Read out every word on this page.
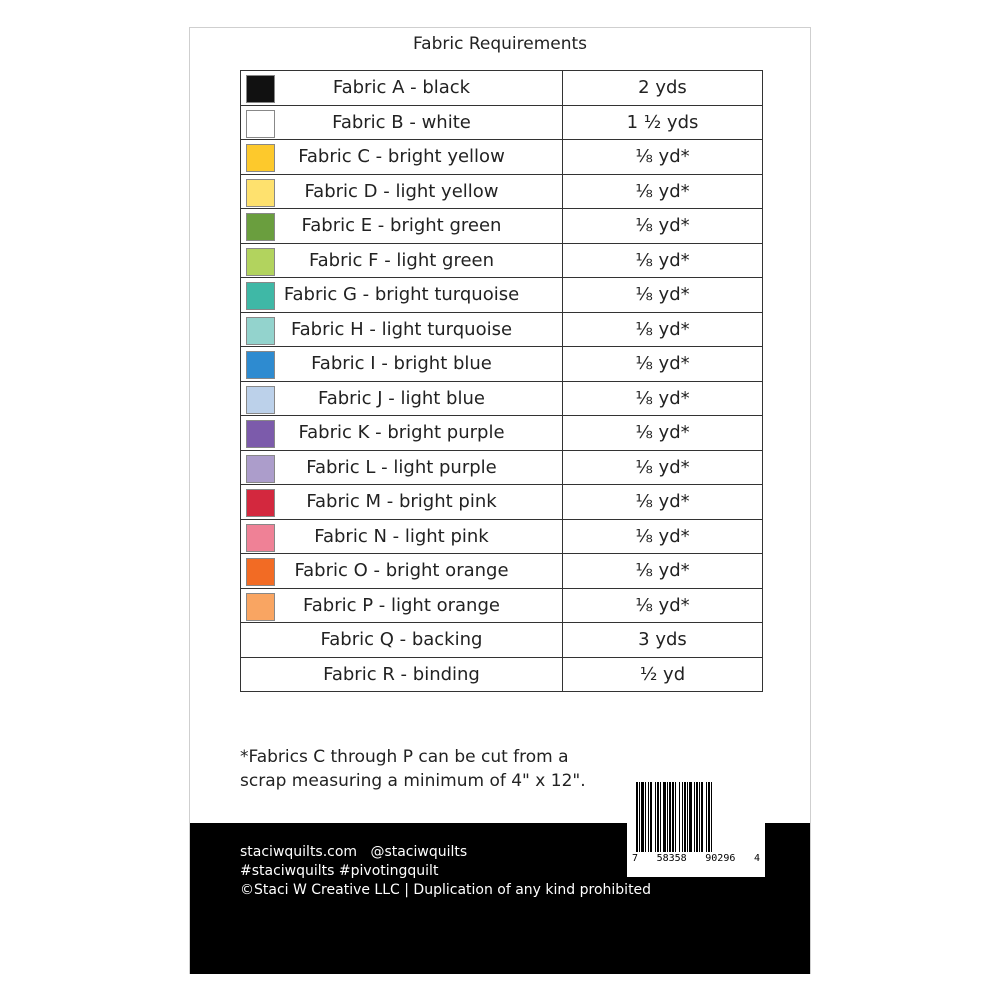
Fabric Requirements
Fabric A - black	2 yds

Fabric B - white	1 ½ yds

Fabric C - bright yellow	⅛ yd*

Fabric D - light yellow	⅛ yd*

Fabric E - bright green	⅛ yd*

Fabric F - light green	⅛ yd*

Fabric G - bright turquoise	⅛ yd*

Fabric H - light turquoise	⅛ yd*

Fabric I - bright blue	⅛ yd*

Fabric J - light blue	⅛ yd*

Fabric K - bright purple	⅛ yd*

Fabric L - light purple	⅛ yd*

Fabric M - bright pink	⅛ yd*

Fabric N - light pink	⅛ yd*

Fabric O - bright orange	⅛ yd*

Fabric P - light orange	⅛ yd*
Fabric Q - backing	3 yds
Fabric R - binding	½ yd
*Fabrics C through P can be cut from a
scrap measuring a minimum of 4" x 12".
staciwquilts.com @staciwquilts
#staciwquilts #pivotingquilt
©Staci W Creative LLC | Duplication of any kind prohibited
7 58358 90296 4
